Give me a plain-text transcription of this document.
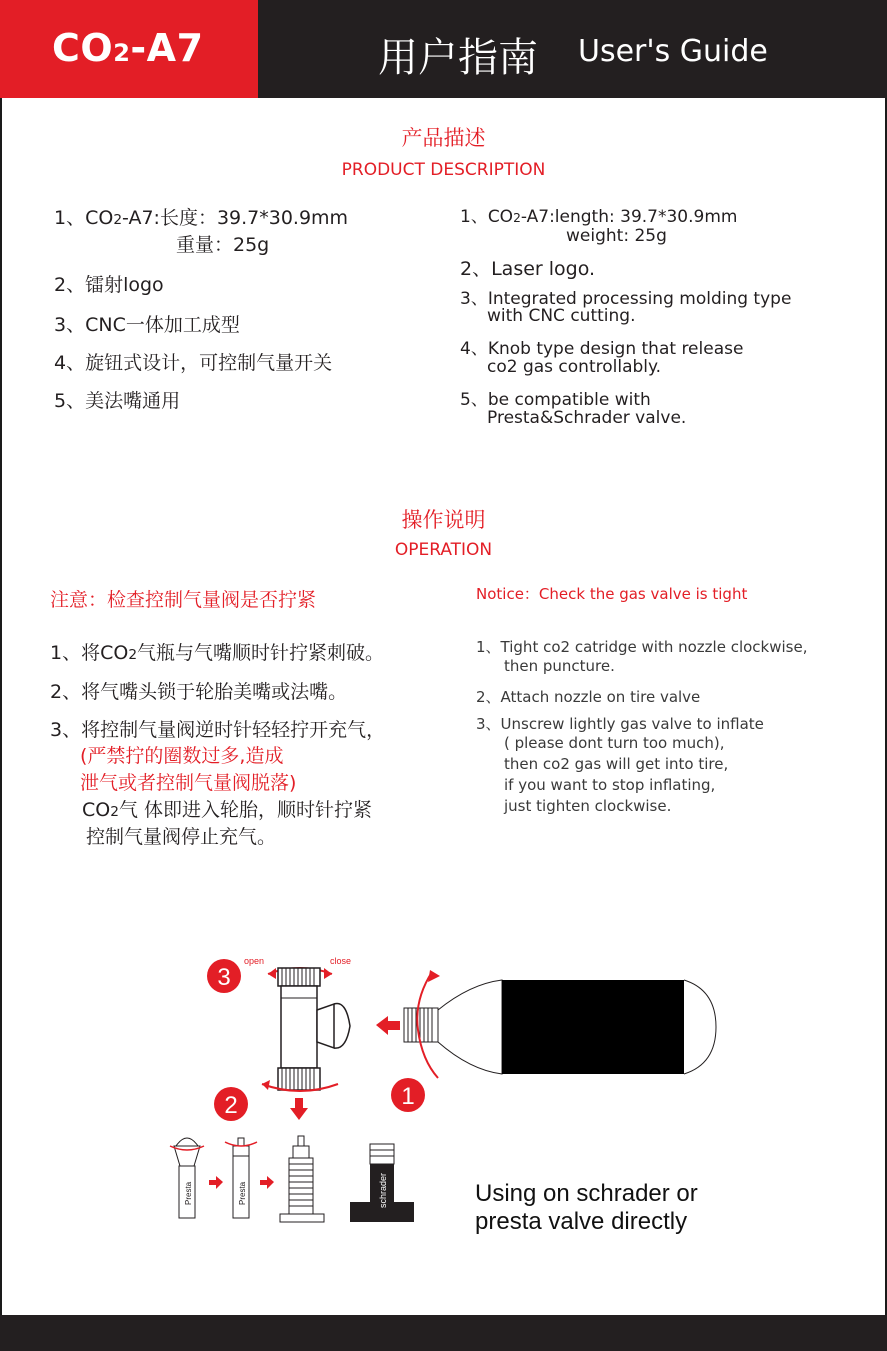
CO2-A7	用户指南 User's Guide
产品描述
PRODUCT DESCRIPTION
1、CO2-A7:长度：39.7*30.9mm
重量：25g
2、镭射logo
3、CNC一体加工成型
4、旋钮式设计，可控制气量开关
5、美法嘴通用
1、CO2-A7:length: 39.7*30.9mm
weight: 25g
2、Laser logo.
3、Integrated processing molding type
with CNC cutting.
4、Knob type design that release
co2 gas controllably.
5、be compatible with
Presta&Schrader valve.
操作说明
OPERATION
注意：检查控制气量阀是否拧紧	Notice：Check the gas valve is tight
1、将CO2气瓶与气嘴顺时针拧紧刺破。
2、将气嘴头锁于轮胎美嘴或法嘴。
3、将控制气量阀逆时针轻轻拧开充气，
(严禁拧的圈数过多,造成
泄气或者控制气量阀脱落)
CO2气 体即进入轮胎，顺时针拧紧
控制气量阀停止充气。
1、Tight co2 catridge with nozzle clockwise,
then puncture.
2、Attach nozzle on tire valve
3、Unscrew lightly gas valve to inflate
( please dont turn too much),
then co2 gas will get into tire,
if you want to stop inflating,
just tighten clockwise.
3
open	close
2	1
Presta	Presta	schrader	Using on schrader or
presta valve directly
